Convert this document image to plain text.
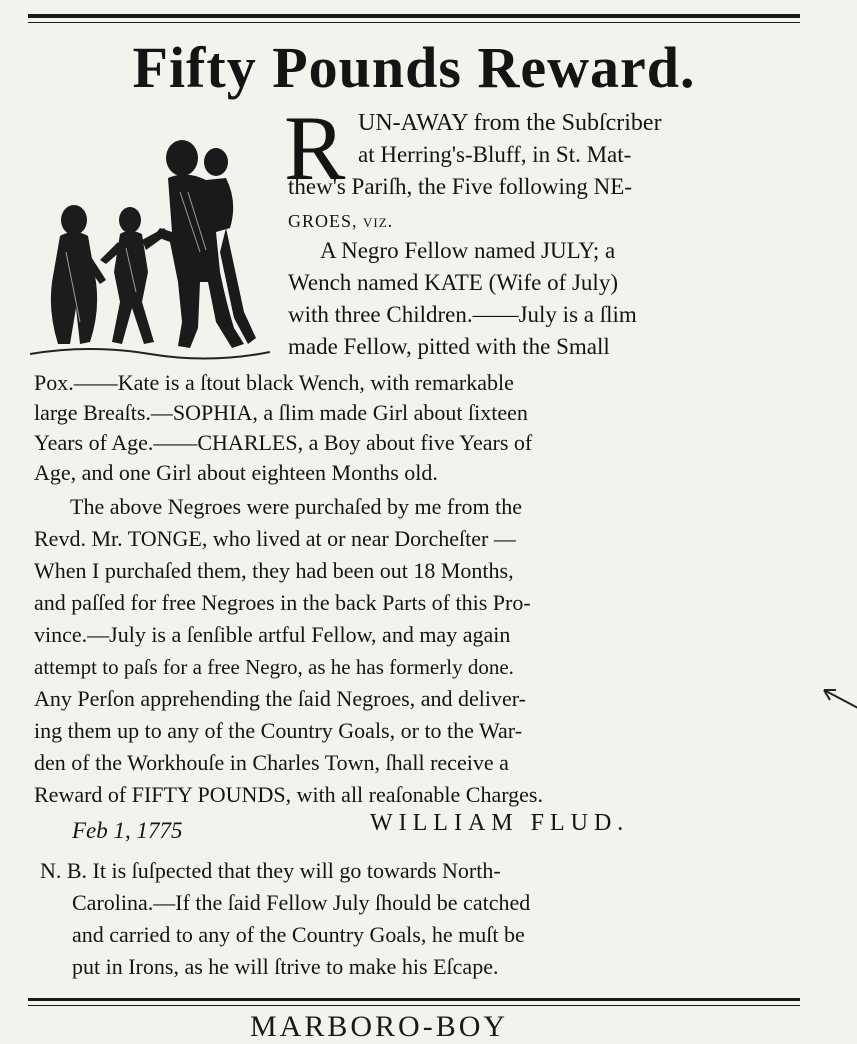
Fifty Pounds Reward.
R UN-AWAY from the Subſcriber
at Herring's-Bluff, in St. Mat-
thew's Pariſh, the Five following NE-
GROES, viz.
A Negro Fellow named JULY; a
Wench named KATE (Wife of July)
with three Children.——July is a ſlim
made Fellow, pitted with the Small
Pox.——Kate is a ſtout black Wench, with remarkable
large Breaſts.—SOPHIA, a ſlim made Girl about ſixteen
Years of Age.——CHARLES, a Boy about five Years of
Age, and one Girl about eighteen Months old.
The above Negroes were purchaſed by me from the
Revd. Mr. TONGE, who lived at or near Dorcheſter —
When I purchaſed them, they had been out 18 Months,
and paſſed for free Negroes in the back Parts of this Pro-
vince.—July is a ſenſible artful Fellow, and may again
attempt to paſs for a free Negro, as he has formerly done.
Any Perſon apprehending the ſaid Negroes, and deliver-
ing them up to any of the Country Goals, or to the War-
den of the Workhouſe in Charles Town, ſhall receive a
Reward of FIFTY POUNDS, with all reaſonable Charges.
Feb 1, 1775	WILLIAM FLUD.
N. B. It is ſuſpected that they will go towards North-
Carolina.—If the ſaid Fellow July ſhould be catched
and carried to any of the Country Goals, he muſt be
put in Irons, as he will ſtrive to make his Eſcape.
MARBORO-BOY
